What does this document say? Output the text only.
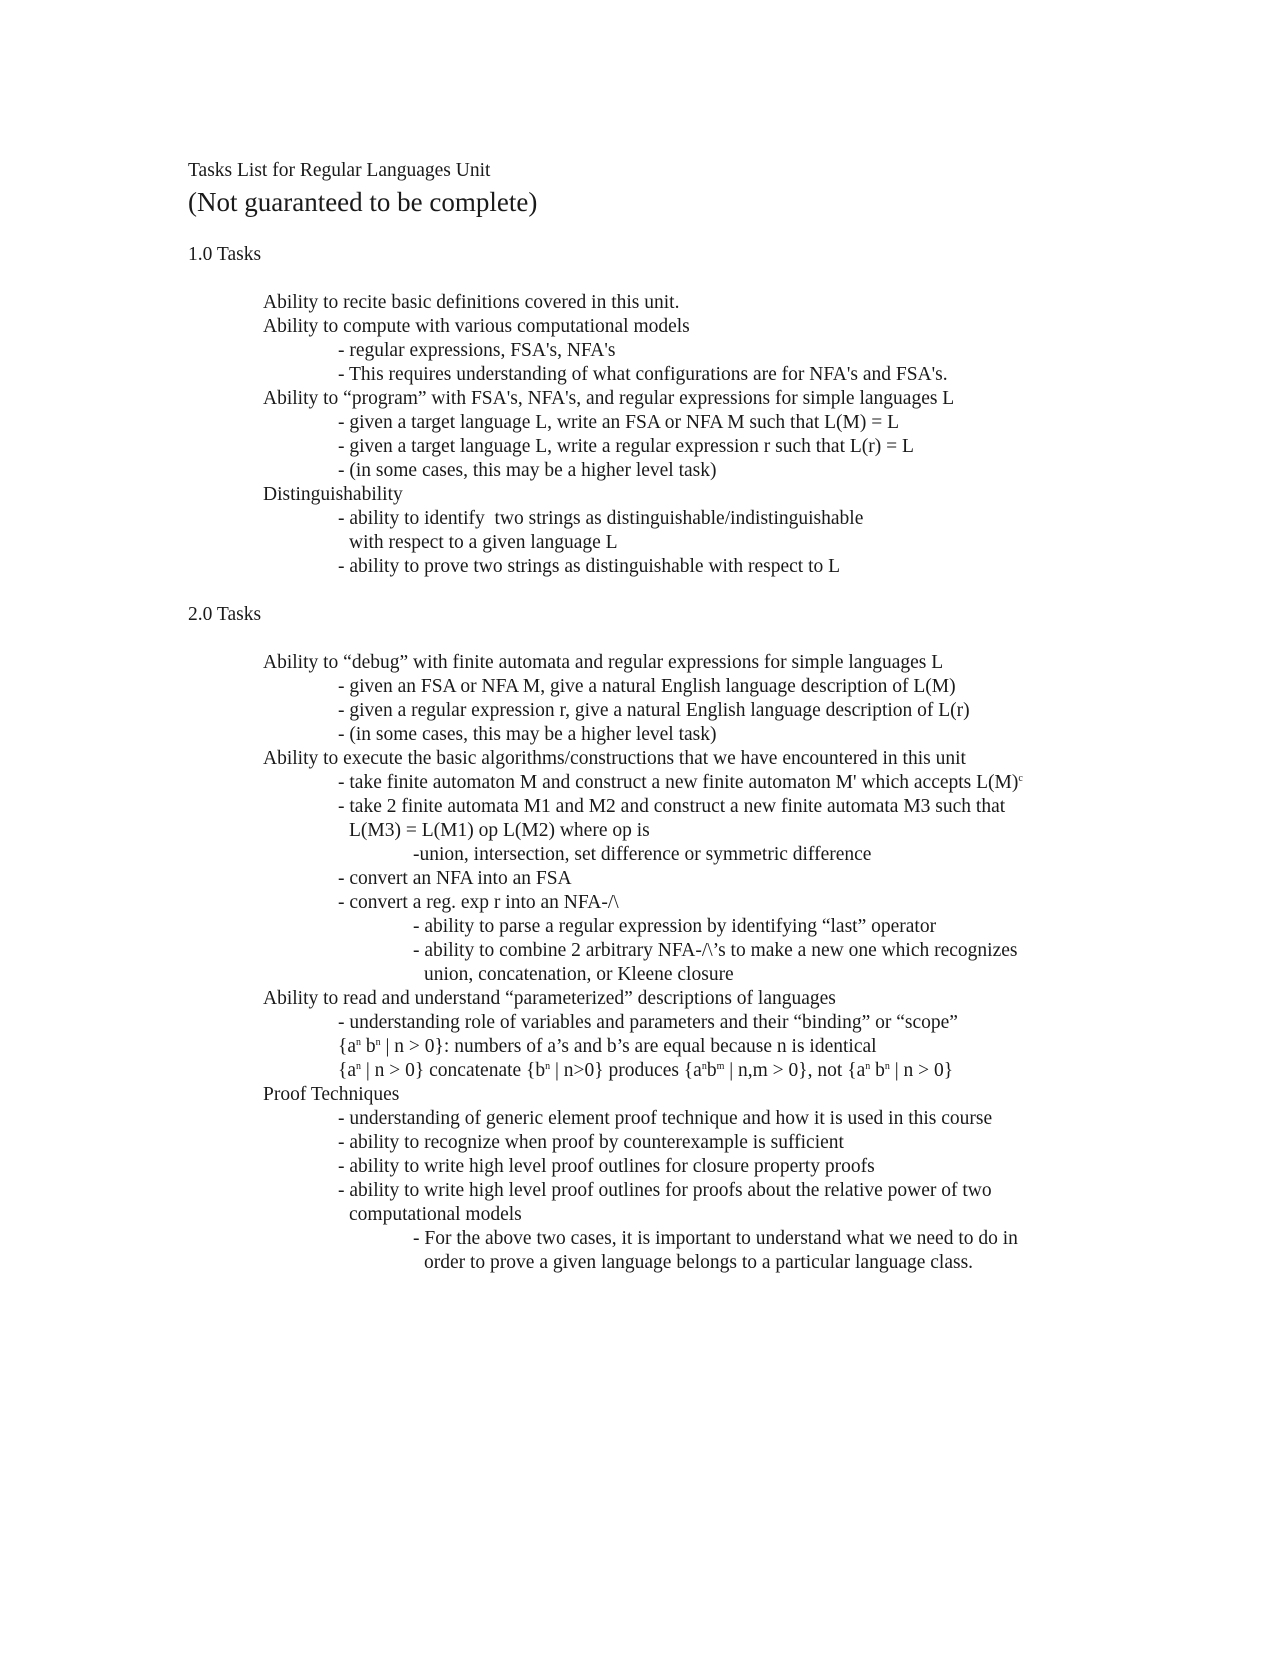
Tasks List for Regular Languages Unit
(Not guaranteed to be complete)
1.0 Tasks
Ability to recite basic definitions covered in this unit.
Ability to compute with various computational models
- regular expressions, FSA's, NFA's
- This requires understanding of what configurations are for NFA's and FSA's.
Ability to “program” with FSA's, NFA's, and regular expressions for simple languages L
- given a target language L, write an FSA or NFA M such that L(M) = L
- given a target language L, write a regular expression r such that L(r) = L
- (in some cases, this may be a higher level task)
Distinguishability
- ability to identify  two strings as distinguishable/indistinguishable
with respect to a given language L
- ability to prove two strings as distinguishable with respect to L
2.0 Tasks
Ability to “debug” with finite automata and regular expressions for simple languages L
- given an FSA or NFA M, give a natural English language description of L(M)
- given a regular expression r, give a natural English language description of L(r)
- (in some cases, this may be a higher level task)
Ability to execute the basic algorithms/constructions that we have encountered in this unit
- take finite automaton M and construct a new finite automaton M' which accepts $L(M)^c$
- take 2 finite automata M1 and M2 and construct a new finite automata M3 such that
L(M3) = L(M1) op L(M2) where op is
-union, intersection, set difference or symmetric difference
- convert an NFA into an FSA
- convert a reg. exp r into an NFA-/\
- ability to parse a regular expression by identifying “last” operator
- ability to combine 2 arbitrary NFA-/\’s to make a new one which recognizes
union, concatenation, or Kleene closure
Ability to read and understand “parameterized” descriptions of languages
- understanding role of variables and parameters and their “binding” or “scope”
{$a^n$ $b^n$ | n > 0}: numbers of a’s and b’s are equal because n is identical
{$a^n$ | n > 0} concatenate {$b^n$ | n>0} produces {$a^nb^m$ | n,m > 0}, not {$a^n$ $b^n$ | n > 0}
Proof Techniques
- understanding of generic element proof technique and how it is used in this course
- ability to recognize when proof by counterexample is sufficient
- ability to write high level proof outlines for closure property proofs
- ability to write high level proof outlines for proofs about the relative power of two
computational models
- For the above two cases, it is important to understand what we need to do in
order to prove a given language belongs to a particular language class.
